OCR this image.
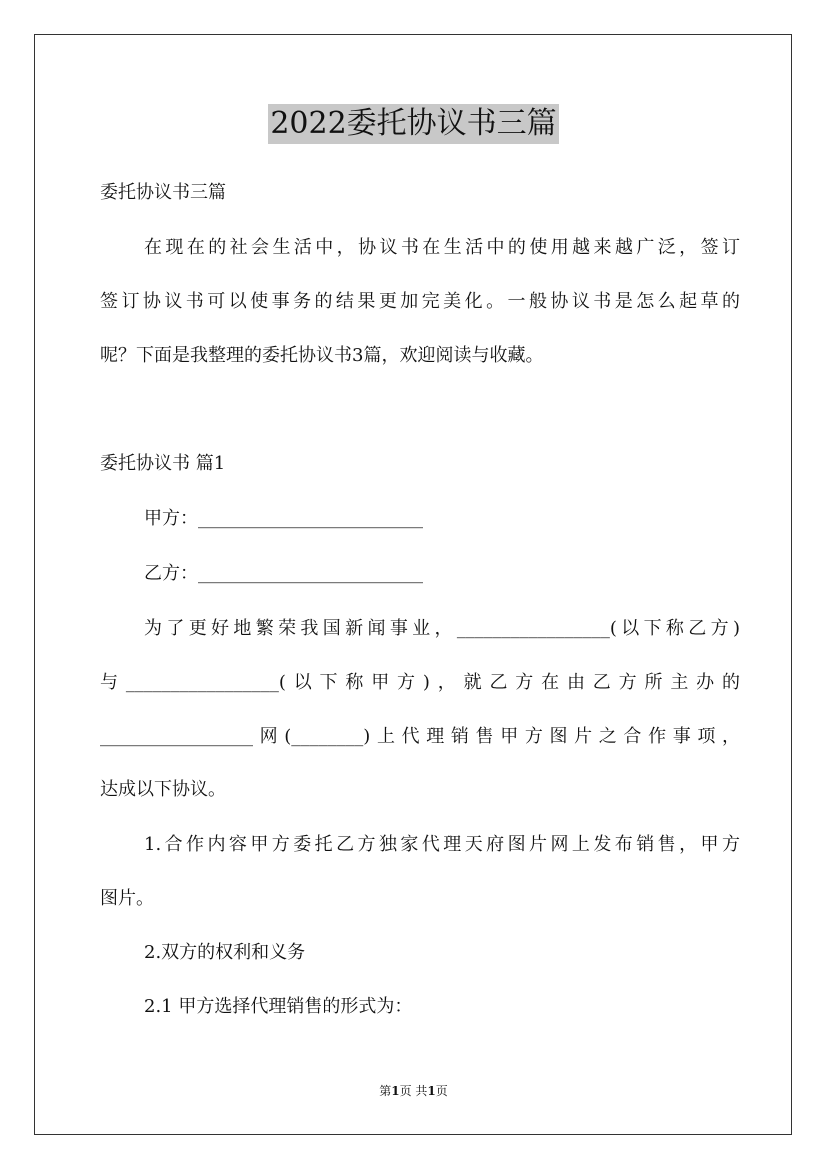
2022委托协议书三篇
委托协议书三篇
在现在的社会生活中，协议书在生活中的使用越来越广泛，签订
签订协议书可以使事务的结果更加完美化。一般协议书是怎么起草的
呢？下面是我整理的委托协议书3篇，欢迎阅读与收藏。
委托协议书 篇1
甲方：_________________________
乙方：_________________________
为了更好地繁荣我国新闻事业，_________________(以下称乙方)
与_________________(以下称甲方)，就乙方在由乙方所主办的
_________________网(________)上代理销售甲方图片之合作事项，
达成以下协议。
1.合作内容甲方委托乙方独家代理天府图片网上发布销售，甲方
图片。
2.双方的权利和义务
2.1 甲方选择代理销售的形式为：
第1页 共1页
